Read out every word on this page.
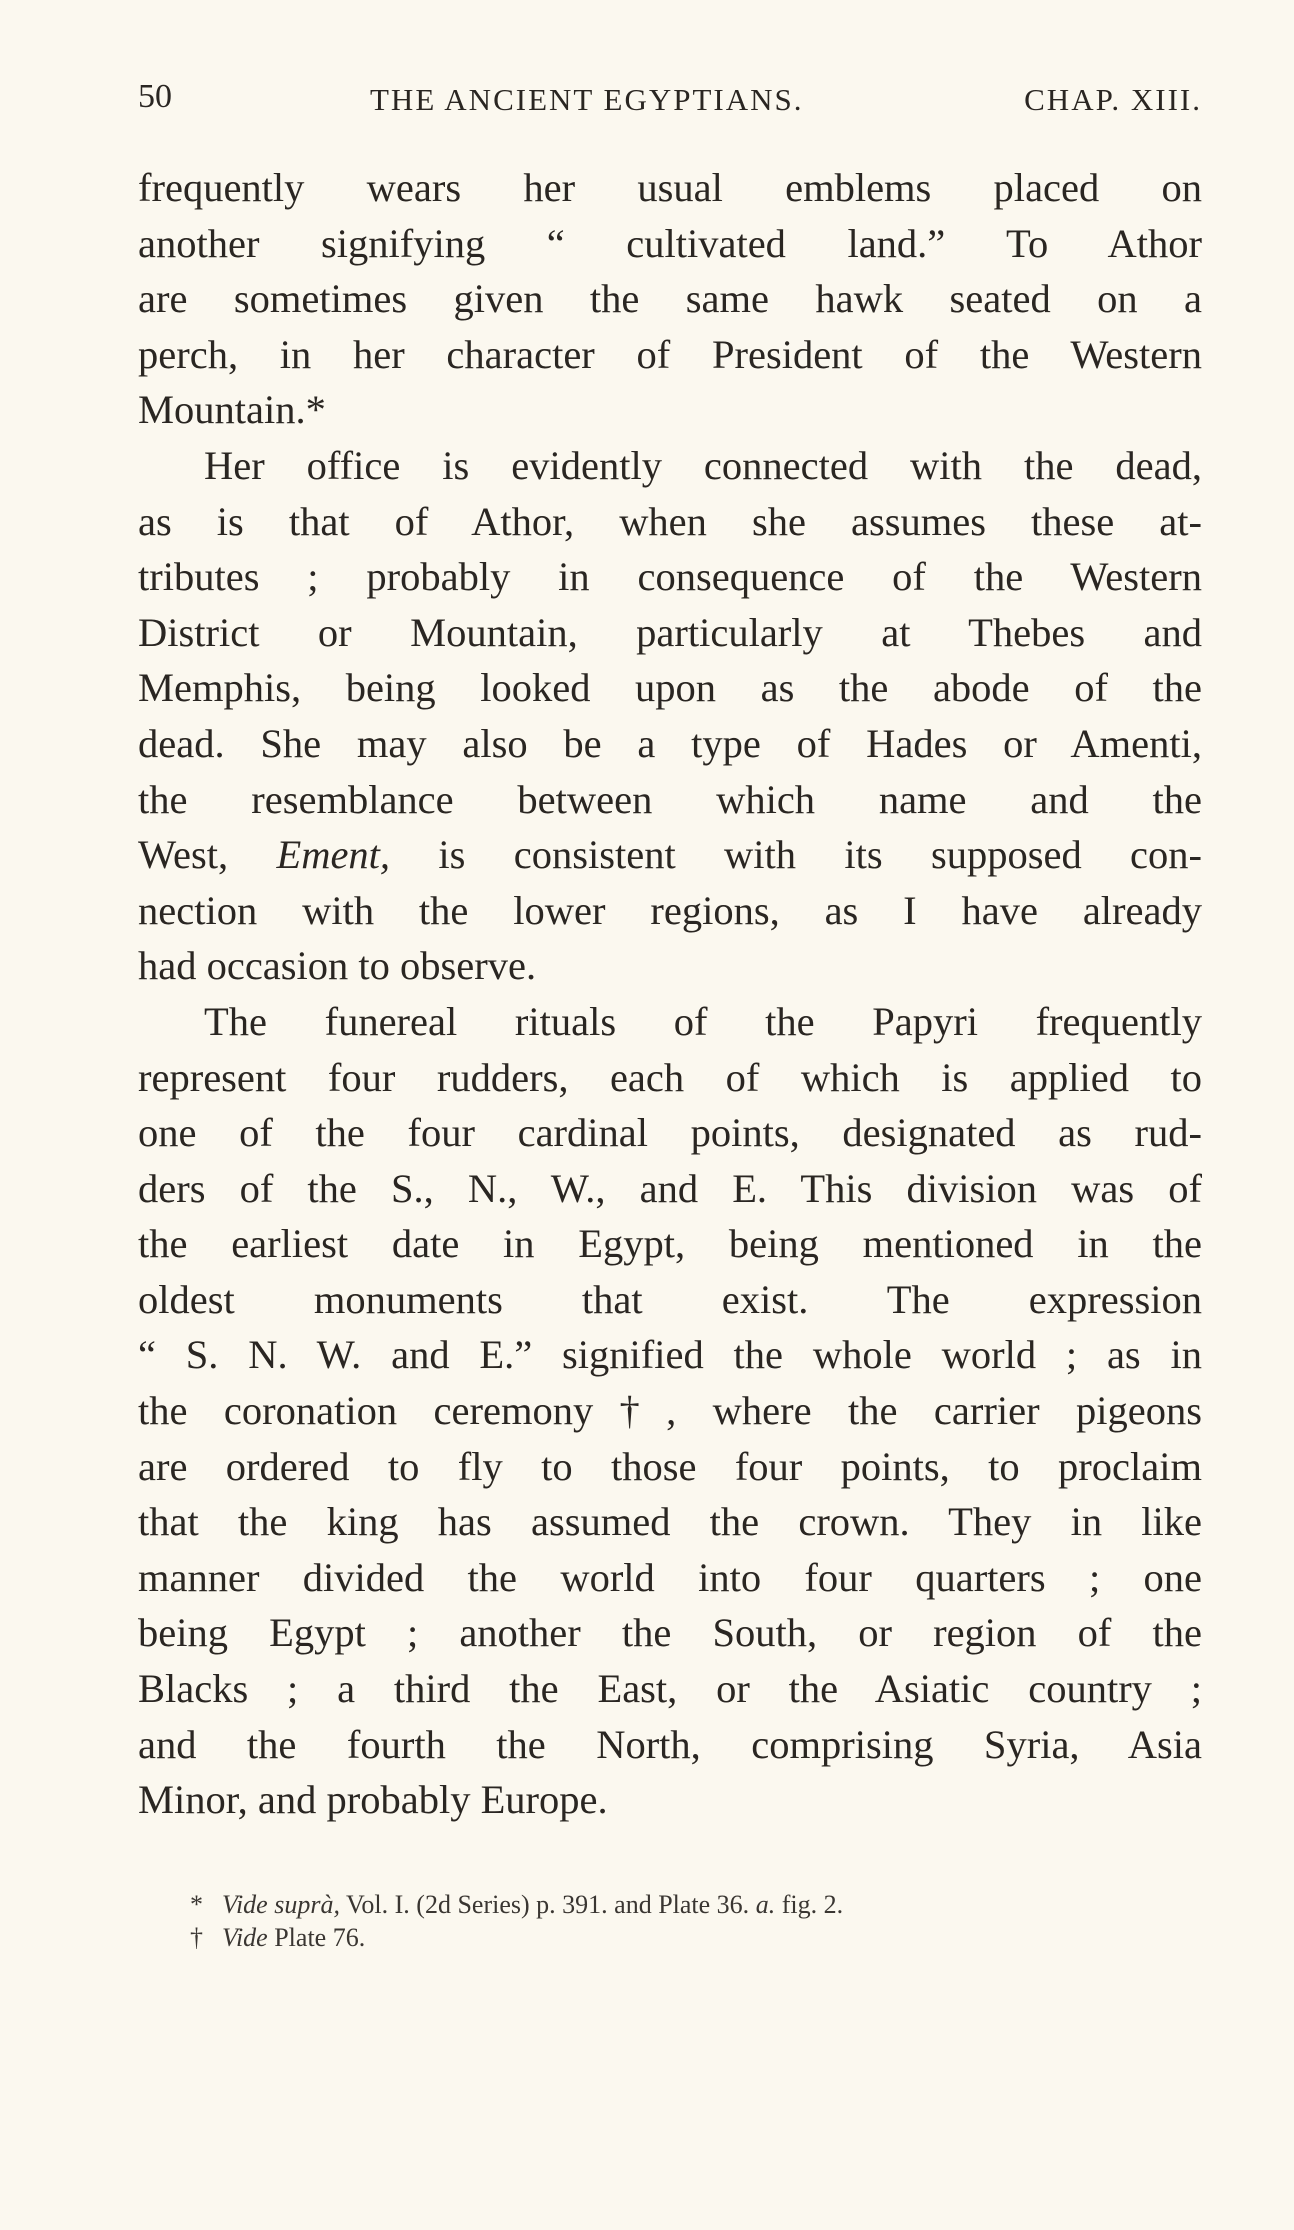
50	THE ANCIENT EGYPTIANS.	CHAP. XIII.
frequently wears her usual emblems placed on
another signifying “ cultivated land.” To Athor
are sometimes given the same hawk seated on a
perch, in her character of President of the Western
Mountain.*
Her office is evidently connected with the dead,
as is that of Athor, when she assumes these at-
tributes ; probably in consequence of the Western
District or Mountain, particularly at Thebes and
Memphis, being looked upon as the abode of the
dead. She may also be a type of Hades or Amenti,
the resemblance between which name and the
West, Ement, is consistent with its supposed con-
nection with the lower regions, as I have already
had occasion to observe.
The funereal rituals of the Papyri frequently
represent four rudders, each of which is applied to
one of the four cardinal points, designated as rud-
ders of the S., N., W., and E. This division was of
the earliest date in Egypt, being mentioned in the
oldest monuments that exist. The expression
“ S. N. W. and E.” signified the whole world ; as in
the coronation ceremony†, where the carrier pigeons
are ordered to fly to those four points, to proclaim
that the king has assumed the crown. They in like
manner divided the world into four quarters ; one
being Egypt ; another the South, or region of the
Blacks ; a third the East, or the Asiatic country ;
and the fourth the North, comprising Syria, Asia
Minor, and probably Europe.
* Vide suprà, Vol. I. (2d Series) p. 391. and Plate 36. a. fig. 2.
† Vide Plate 76.
